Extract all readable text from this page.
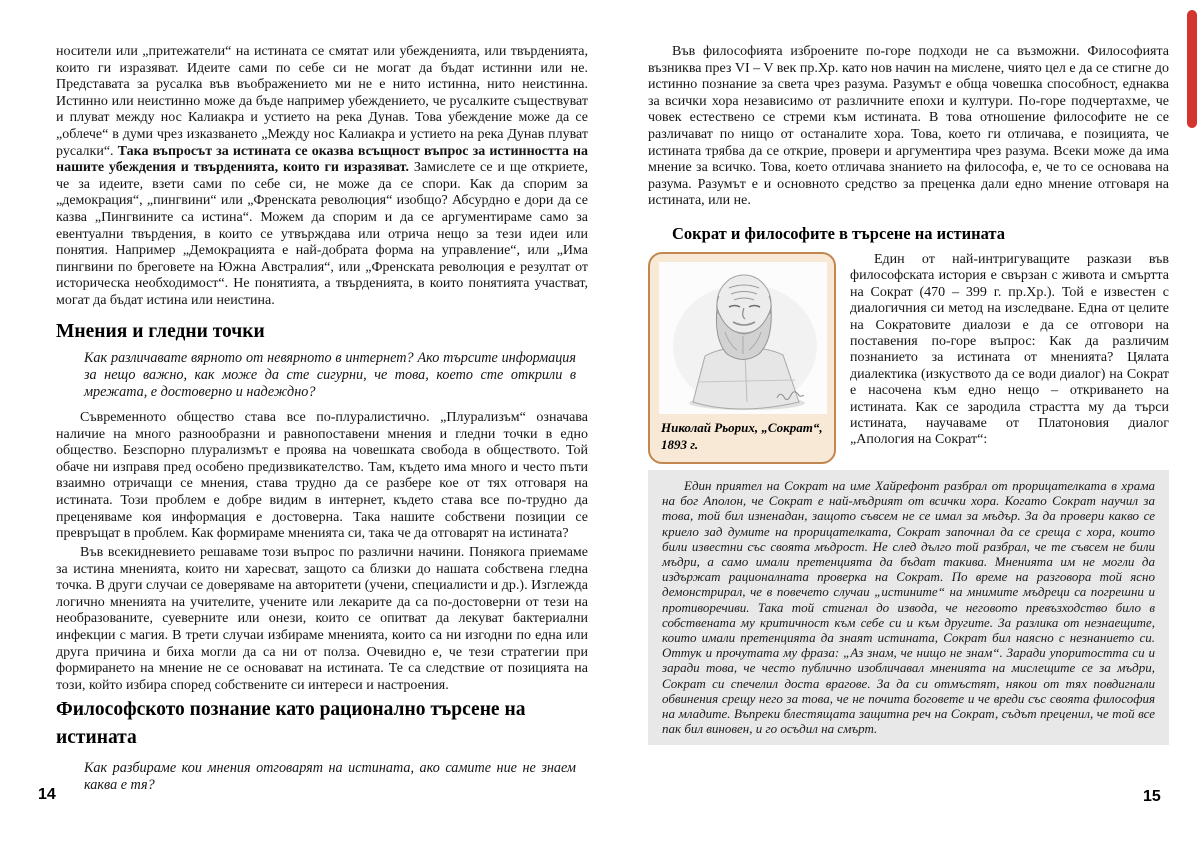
носители или „притежатели“ на истината се смятат или убежденията, или твърденията, които ги изразяват. Идеите сами по себе си не могат да бъдат истинни или не. Представата за русалка във въображението ми не е нито истинна, нито неистинна. Истинно или неистинно може да бъде например убеждението, че русалките съществуват и плуват между нос Калиакра и устието на река Дунав. Това убеждение може да се „облече“ в думи чрез изказването „Между нос Калиакра и устието на река Дунав плуват русалки“. Така въпросът за истината се оказва всъщност въпрос за истинността на нашите убеждения и твърденията, които ги изразяват. Замислете се и ще откриете, че за идеите, взети сами по себе си, не може да се спори. Как да спорим за „демокрация“, „пингвини“ или „Френската революция“ изобщо? Абсурдно е дори да се казва „Пингвините са истина“. Можем да спорим и да се аргументираме само за евентуални твърдения, в които се утвърждава или отрича нещо за тези идеи или понятия. Например „Демокрацията е най-добрата форма на управление“, или „Има пингвини по бреговете на Южна Австралия“, или „Френската революция е резултат от историческа необходимост“. Не понятията, а твърденията, в които понятията участват, могат да бъдат истина или неистина.

Мнения и гледни точки

Как различавате вярното от невярното в интернет? Ако търсите информация за нещо важно, как може да сте сигурни, че това, което сте открили в мрежата, е достоверно и надеждно?

Съвременното общество става все по-плуралистично. „Плурализъм“ означава наличие на много разнообразни и равнопоставени мнения и гледни точки в едно общество. Безспорно плурализмът е проява на човешката свобода в обществото. Той обаче ни изправя пред особено предизвикателство. Там, където има много и често пъти взаимно отричащи се мнения, става трудно да се разбере кое от тях отговаря на истината. Този проблем е добре видим в интернет, където става все по-трудно да преценяваме коя информация е достоверна. Така нашите собствени позиции се превръщат в проблем. Как формираме мненията си, така че да отговарят на истината?

Във всекидневието решаваме този въпрос по различни начини. Понякога приемаме за истина мненията, които ни харесват, защото са близки до нашата собствена гледна точка. В други случаи се доверяваме на авторитети (учени, специалисти и др.). Изглежда логично мненията на учителите, учените или лекарите да са по-достоверни от тези на необразованите, суеверните или онези, които се опитват да лекуват бактериални инфекции с магия. В трети случаи избираме мненията, които са ни изгодни по една или друга причина и биха могли да са ни от полза. Очевидно е, че тези стратегии при формирането на мнение не се основават на истината. Те са следствие от позицията на този, който избира според собствените си интереси и настроения.

Философското познание като рационално търсене на истината

Как разбираме кои мнения отговарят на истината, ако самите ние не знаем каква е тя?

Във философията изброените по-горе подходи не са възможни. Философията възниква през VI – V век пр.Хр. като нов начин на мислене, чиято цел е да се стигне до истинно познание за света чрез разума. Разумът е обща човешка способност, еднаква за всички хора независимо от различните епохи и култури. По-горе подчертахме, че човек естествено се стреми към истината. В това отношение философите не се различават по нищо от останалите хора. Това, което ги отличава, е позицията, че истината трябва да се открие, провери и аргументира чрез разума. Всеки може да има мнение за всичко. Това, което отличава знанието на философа, е, че то се основава на разума. Разумът е и основното средство за преценка дали едно мнение отговаря на истината, или не.

Сократ и философите в търсене на истината
Николай Рьорих, „Сократ“, 1893 г.

Един от най-интригуващите разкази във философската история е свързан с живота и смъртта на Сократ (470 – 399 г. пр.Хр.). Той е известен с диалогичния си метод на изследване. Една от целите на Сократовите диалози е да се отговори на поставения по-горе въпрос: Как да различим познанието за истината от мненията? Цялата диалектика (изкуството да се води диалог) на Сократ е насочена към едно нещо – откриването на истината. Как се зародила страстта му да търси истината, научаваме от Платоновия диалог „Апология на Сократ“:

Един приятел на Сократ на име Хайрефонт разбрал от прорицателката в храма на бог Аполон, че Сократ е най-мъдрият от всички хора. Когато Сократ научил за това, той бил изненадан, защото съвсем не се имал за мъдър. За да провери какво се криело зад думите на прорицателката, Сократ започнал да се среща с хора, които били известни със своята мъдрост. Не след дълго той разбрал, че те съвсем не били мъдри, а само имали претенцията да бъдат такива. Мненията им не могли да издържат рационалната проверка на Сократ. По време на разговора той ясно демонстрирал, че в повечето случаи „истините“ на мнимите мъдреци са погрешни и противоречиви. Така той стигнал до извода, че неговото превъзходство било в собствената му критичност към себе си и към другите. За разлика от незнаещите, които имали претенцията да знаят истината, Сократ бил наясно с незнанието си. Оттук и прочутата му фраза: „Аз знам, че нищо не знам“. Заради упоритостта си и заради това, че често публично изобличавал мненията на мислещите се за мъдри, Сократ си спечелил доста врагове. За да си отмъстят, някои от тях повдигнали обвинения срещу него за това, че не почита боговете и че вреди със своята философия на младите. Въпреки блестящата защитна реч на Сократ, съдът преценил, че той все пак бил виновен, и го осъдил на смърт.

14	15
